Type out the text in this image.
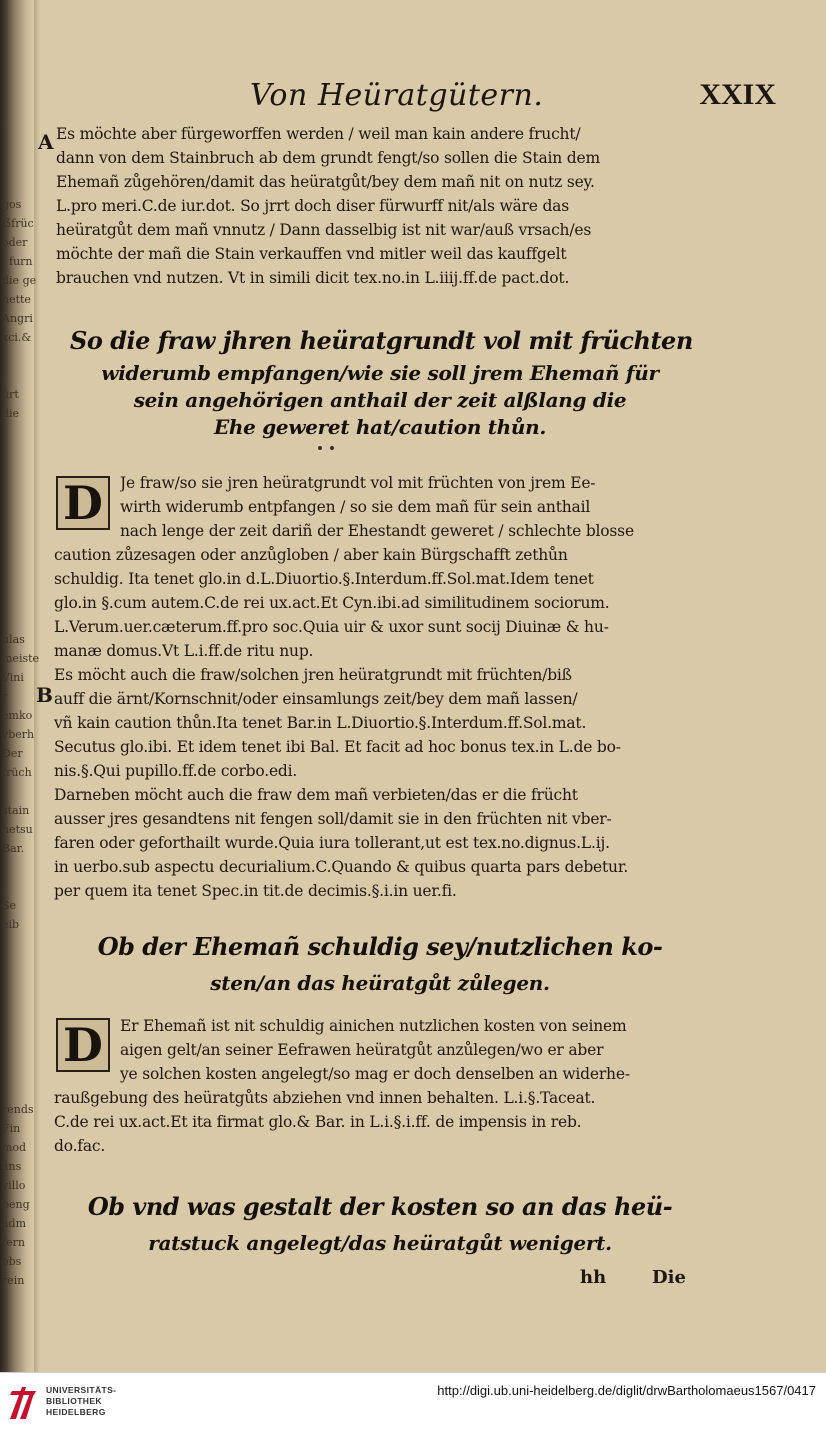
gos
ẞfrüc
oder
l furn
die ge
hette
Angri
xci.&
ürt
die
ulas
meiste
Vini
r
emko
vberh
Der
früch
stain
hetsu
Bar.
Se
eib
rends
Fin
mod
ans
villo
beng
adm
fern
obs
rein
Von Heüratgütern.	XXIX
A Es möchte aber fürgeworffen werden / weil man kain andere frucht/
dann von dem Stainbruch ab dem grundt fengt/so sollen die Stain dem
Ehemañ zůgehören/damit das heüratgůt/bey dem mañ nit on nutz sey.
L.pro meri.C.de iur.dot. So jrrt doch diser fürwurff nit/als wäre das
heüratgůt dem mañ vnnutz / Dann dasselbig ist nit war/auß vrsach/es
möchte der mañ die Stain verkauffen vnd mitler weil das kauffgelt
brauchen vnd nutzen. Vt in simili dicit tex.no.in L.iiij.ff.de pact.dot.
So die fraw jhren heüratgrundt vol mit früchten
widerumb empfangen/wie sie soll jrem Ehemañ für
sein angehörigen anthail der zeit alßlang die
Ehe geweret hat/caution thůn.
D	Je fraw/so sie jren heüratgrundt vol mit früchten von jrem Ee-
wirth widerumb entpfangen / so sie dem mañ für sein anthail
nach lenge der zeit dariñ der Ehestandt geweret / schlechte blosse
caution zůzesagen oder anzůgloben / aber kain Bürgschafft zethůn
schuldig. Ita tenet glo.in d.L.Diuortio.§.Interdum.ff.Sol.mat.Idem tenet
glo.in §.cum autem.C.de rei ux.act.Et Cyn.ibi.ad similitudinem sociorum.
L.Verum.uer.cæterum.ff.pro soc.Quia uir & uxor sunt socij Diuinæ & hu-
manæ domus.Vt L.i.ff.de ritu nup.
Es möcht auch die fraw/solchen jren heüratgrundt mit früchten/biß
auff die ärnt/Kornschnit/oder einsamlungs zeit/bey dem mañ lassen/
vñ kain caution thůn.Ita tenet Bar.in L.Diuortio.§.Interdum.ff.Sol.mat.
Secutus glo.ibi. Et idem tenet ibi Bal. Et facit ad hoc bonus tex.in L.de bo-
nis.§.Qui pupillo.ff.de corbo.edi.
Darneben möcht auch die fraw dem mañ verbieten/das er die frücht
ausser jres gesandtens nit fengen soll/damit sie in den früchten nit vber-
faren oder geforthailt wurde.Quia iura tollerant,ut est tex.no.dignus.L.ij.
in uerbo.sub aspectu decurialium.C.Quando & quibus quarta pars debetur.
per quem ita tenet Spec.in tit.de decimis.§.i.in uer.fi.
B
Ob der Ehemañ schuldig sey/nutzlichen ko-
sten/an das heüratgůt zůlegen.
D	Er Ehemañ ist nit schuldig ainichen nutzlichen kosten von seinem
aigen gelt/an seiner Eefrawen heüratgůt anzůlegen/wo er aber
ye solchen kosten angelegt/so mag er doch denselben an widerhe-
raußgebung des heüratgůts abziehen vnd innen behalten. L.i.§.Taceat.
C.de rei ux.act.Et ita firmat glo.& Bar. in L.i.§.i.ff. de impensis in reb.
do.fac.
Ob vnd was gestalt der kosten so an das heü-
ratstuck angelegt/das heüratgůt wenigert.
hh	Die
UNIVERSITÄTS-
BIBLIOTHEK
HEIDELBERG
http://digi.ub.uni-heidelberg.de/diglit/drwBartholomaeus1567/0417
